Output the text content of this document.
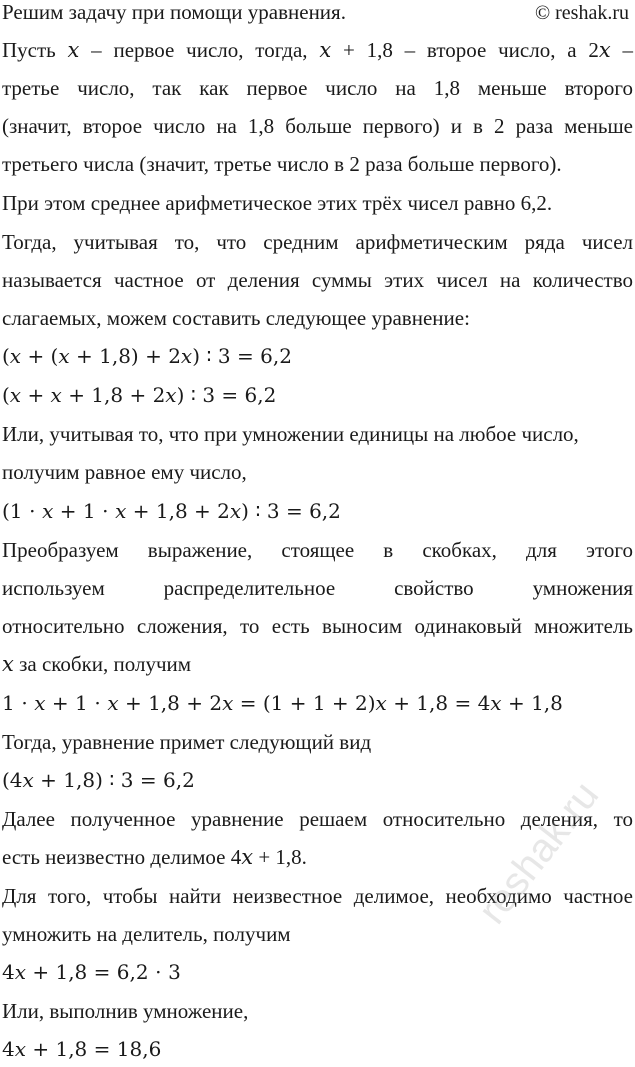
Решим задачу при помощи уравнения.	© reshak.ru
Пусть 𝑥 – первое число, тогда, 𝑥 + 1,8 – второе число, а 2𝑥 –
третье число, так как первое число на 1,8 меньше второго
(значит, второе число на 1,8 больше первого) и в 2 раза меньше
третьего числа (значит, третье число в 2 раза больше первого).
При этом среднее арифметическое этих трёх чисел равно 6,2.
Тогда, учитывая то, что средним арифметическим ряда чисел
называется частное от деления суммы этих чисел на количество
слагаемых, можем составить следующее уравнение:
(𝑥 + (𝑥 + 1,8) + 2𝑥) ∶ 3 = 6,2
(𝑥 + 𝑥 + 1,8 + 2𝑥) ∶ 3 = 6,2
Или, учитывая то, что при умножении единицы на любое число,
получим равное ему число,
(1 ⋅ 𝑥 + 1 ⋅ 𝑥 + 1,8 + 2𝑥) ∶ 3 = 6,2
Преобразуем выражение, стоящее в скобках, для этого
используем распределительное свойство умножения
относительно сложения, то есть выносим одинаковый множитель
𝑥 за скобки, получим
1 ⋅ 𝑥 + 1 ⋅ 𝑥 + 1,8 + 2𝑥 = (1 + 1 + 2)𝑥 + 1,8 = 4𝑥 + 1,8
Тогда, уравнение примет следующий вид
(4𝑥 + 1,8) ∶ 3 = 6,2
Далее полученное уравнение решаем относительно деления, то
есть неизвестно делимое 4𝑥 + 1,8.
Для того, чтобы найти неизвестное делимое, необходимо частное
умножить на делитель, получим
4𝑥 + 1,8 = 6,2 ⋅ 3
Или, выполнив умножение,
4𝑥 + 1,8 = 18,6
reshak.ru
